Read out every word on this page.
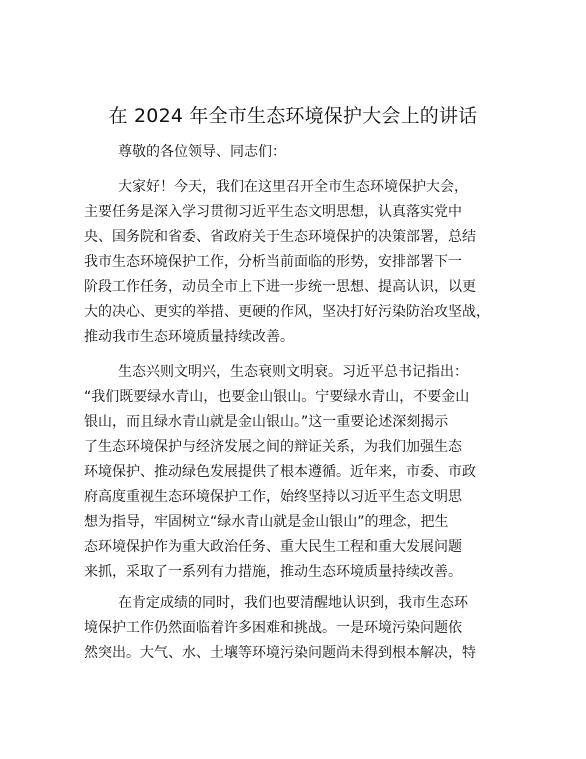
在 2024 年全市生态环境保护大会上的讲话
尊敬的各位领导、同志们：
大家好！今天，我们在这里召开全市生态环境保护大会，
主要任务是深入学习贯彻习近平生态文明思想，认真落实党中
央、国务院和省委、省政府关于生态环境保护的决策部署，总结
我市生态环境保护工作，分析当前面临的形势，安排部署下一
阶段工作任务，动员全市上下进一步统一思想、提高认识，以更
大的决心、更实的举措、更硬的作风，坚决打好污染防治攻坚战，
推动我市生态环境质量持续改善。
生态兴则文明兴，生态衰则文明衰。习近平总书记指出：
“我们既要绿水青山，也要金山银山。宁要绿水青山，不要金山
银山，而且绿水青山就是金山银山。”这一重要论述深刻揭示
了生态环境保护与经济发展之间的辩证关系，为我们加强生态
环境保护、推动绿色发展提供了根本遵循。近年来，市委、市政
府高度重视生态环境保护工作，始终坚持以习近平生态文明思
想为指导，牢固树立“绿水青山就是金山银山”的理念，把生
态环境保护作为重大政治任务、重大民生工程和重大发展问题
来抓，采取了一系列有力措施，推动生态环境质量持续改善。
在肯定成绩的同时，我们也要清醒地认识到，我市生态环
境保护工作仍然面临着许多困难和挑战。一是环境污染问题依
然突出。大气、水、土壤等环境污染问题尚未得到根本解决，特
